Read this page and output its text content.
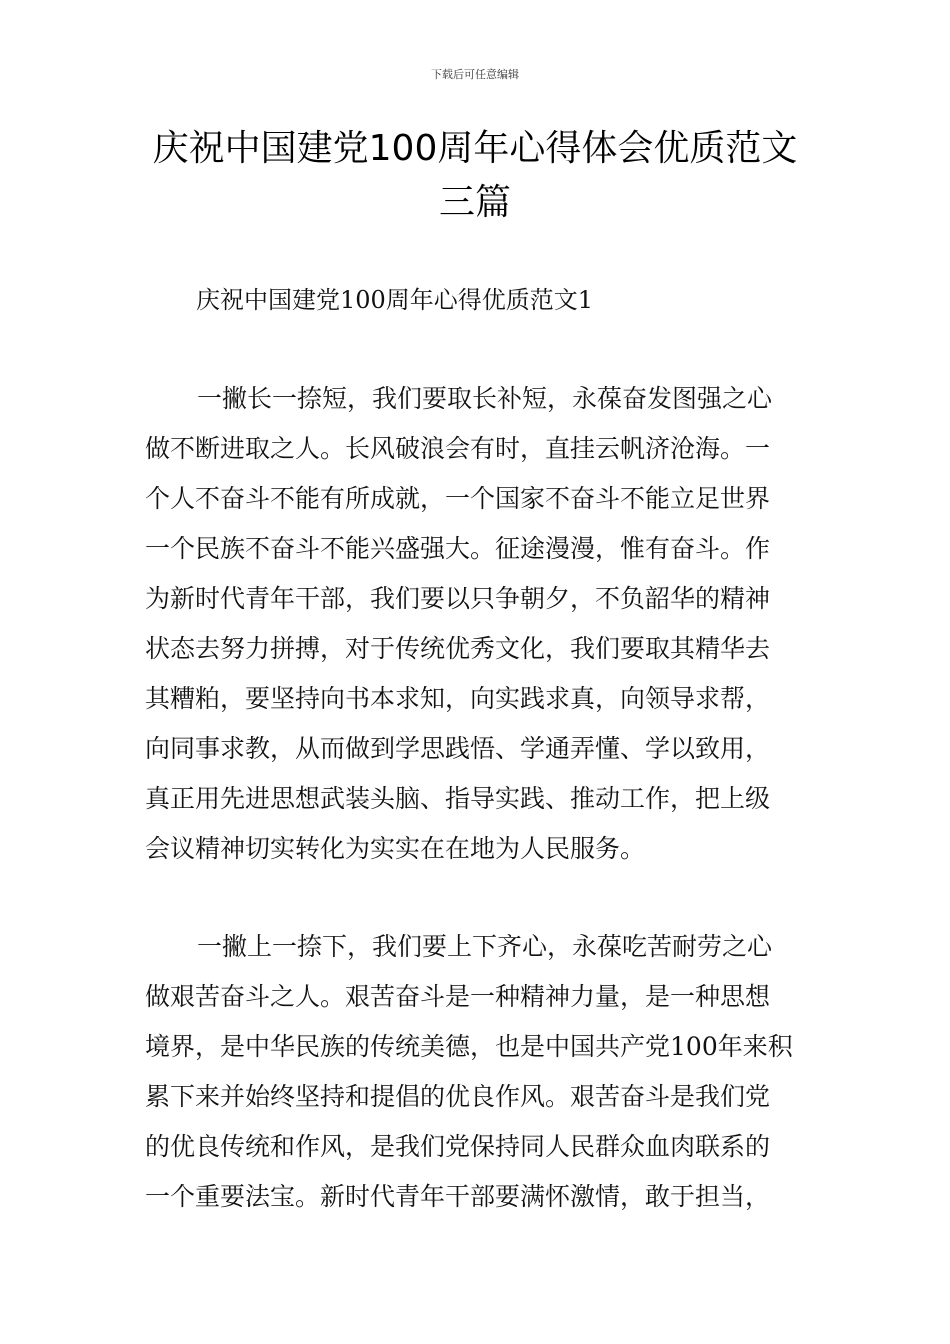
下载后可任意编辑
庆祝中国建党100周年心得体会优质范文
三篇
庆祝中国建党100周年心得优质范文1
一撇长一捺短，我们要取长补短，永葆奋发图强之心
做不断进取之人。长风破浪会有时，直挂云帆济沧海。一
个人不奋斗不能有所成就，一个国家不奋斗不能立足世界
一个民族不奋斗不能兴盛强大。征途漫漫，惟有奋斗。作
为新时代青年干部，我们要以只争朝夕，不负韶华的精神
状态去努力拼搏，对于传统优秀文化，我们要取其精华去
其糟粕，要坚持向书本求知，向实践求真，向领导求帮，
向同事求教，从而做到学思践悟、学通弄懂、学以致用，
真正用先进思想武装头脑、指导实践、推动工作，把上级
会议精神切实转化为实实在在地为人民服务。
一撇上一捺下，我们要上下齐心，永葆吃苦耐劳之心
做艰苦奋斗之人。艰苦奋斗是一种精神力量，是一种思想
境界，是中华民族的传统美德，也是中国共产党100年来积
累下来并始终坚持和提倡的优良作风。艰苦奋斗是我们党
的优良传统和作风，是我们党保持同人民群众血肉联系的
一个重要法宝。新时代青年干部要满怀激情，敢于担当，
